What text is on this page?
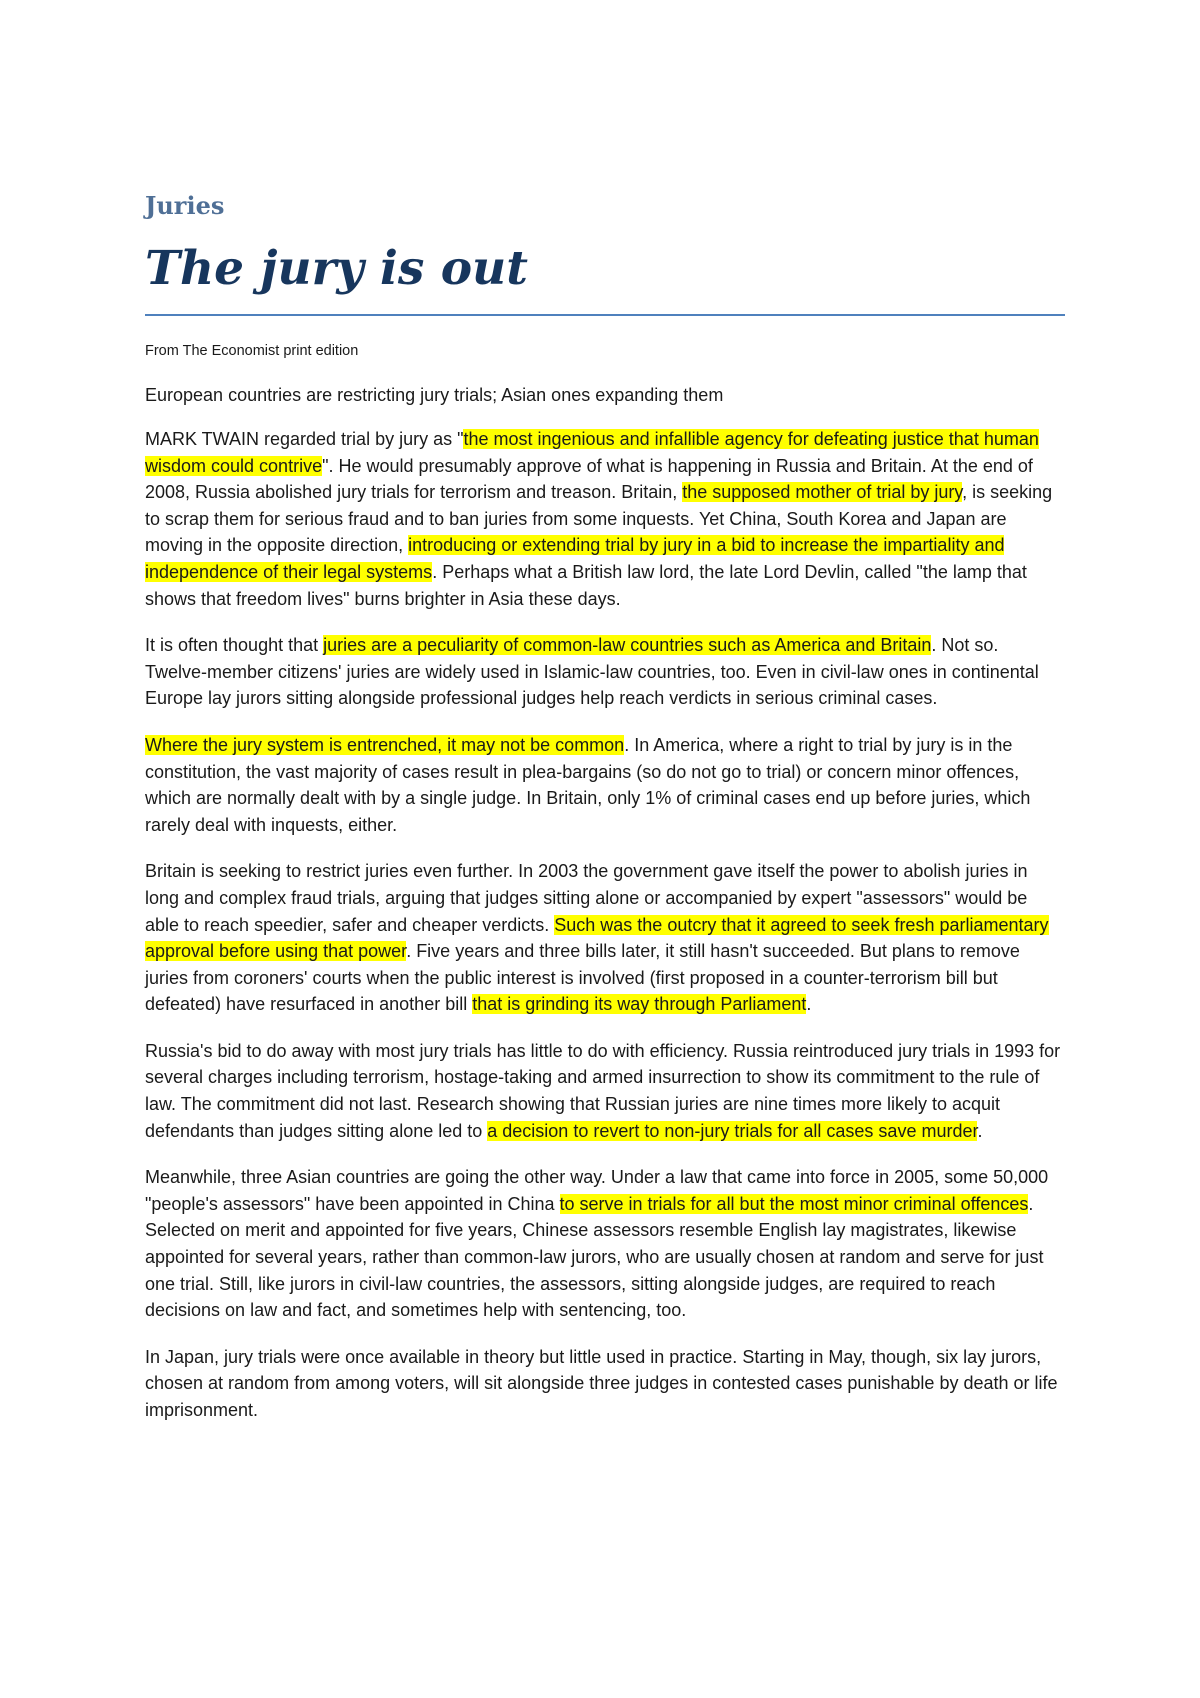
Juries
The jury is out
From The Economist print edition

European countries are restricting jury trials; Asian ones expanding them

MARK TWAIN regarded trial by jury as "the most ingenious and infallible agency for defeating justice that human wisdom could contrive". He would presumably approve of what is happening in Russia and Britain. At the end of 2008, Russia abolished jury trials for terrorism and treason. Britain, the supposed mother of trial by jury, is seeking to scrap them for serious fraud and to ban juries from some inquests. Yet China, South Korea and Japan are moving in the opposite direction, introducing or extending trial by jury in a bid to increase the impartiality and independence of their legal systems. Perhaps what a British law lord, the late Lord Devlin, called "the lamp that shows that freedom lives" burns brighter in Asia these days.

It is often thought that juries are a peculiarity of common-law countries such as America and Britain. Not so. Twelve-member citizens' juries are widely used in Islamic-law countries, too. Even in civil-law ones in continental Europe lay jurors sitting alongside professional judges help reach verdicts in serious criminal cases.

Where the jury system is entrenched, it may not be common. In America, where a right to trial by jury is in the constitution, the vast majority of cases result in plea-bargains (so do not go to trial) or concern minor offences, which are normally dealt with by a single judge. In Britain, only 1% of criminal cases end up before juries, which rarely deal with inquests, either.

Britain is seeking to restrict juries even further. In 2003 the government gave itself the power to abolish juries in long and complex fraud trials, arguing that judges sitting alone or accompanied by expert "assessors" would be able to reach speedier, safer and cheaper verdicts. Such was the outcry that it agreed to seek fresh parliamentary approval before using that power. Five years and three bills later, it still hasn't succeeded. But plans to remove juries from coroners' courts when the public interest is involved (first proposed in a counter-terrorism bill but defeated) have resurfaced in another bill that is grinding its way through Parliament.

Russia's bid to do away with most jury trials has little to do with efficiency. Russia reintroduced jury trials in 1993 for several charges including terrorism, hostage-taking and armed insurrection to show its commitment to the rule of law. The commitment did not last. Research showing that Russian juries are nine times more likely to acquit defendants than judges sitting alone led to a decision to revert to non-jury trials for all cases save murder.

Meanwhile, three Asian countries are going the other way. Under a law that came into force in 2005, some 50,000 "people's assessors" have been appointed in China to serve in trials for all but the most minor criminal offences. Selected on merit and appointed for five years, Chinese assessors resemble English lay magistrates, likewise appointed for several years, rather than common-law jurors, who are usually chosen at random and serve for just one trial. Still, like jurors in civil-law countries, the assessors, sitting alongside judges, are required to reach decisions on law and fact, and sometimes help with sentencing, too.

In Japan, jury trials were once available in theory but little used in practice. Starting in May, though, six lay jurors, chosen at random from among voters, will sit alongside three judges in contested cases punishable by death or life imprisonment.
